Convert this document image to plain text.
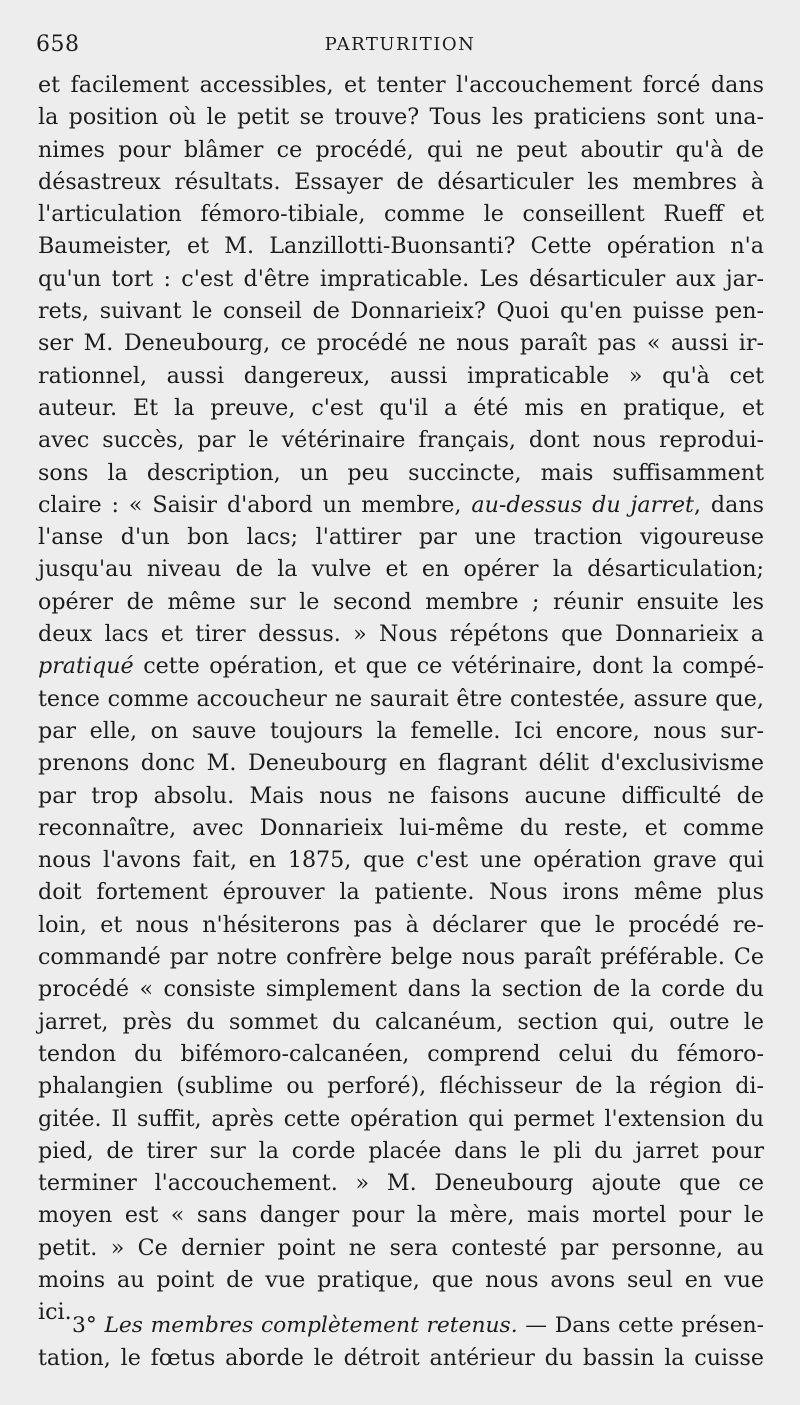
658	PARTURITION
et facilement accessibles, et tenter l'accouchement forcé dans
la position où le petit se trouve? Tous les praticiens sont una-
nimes pour blâmer ce procédé, qui ne peut aboutir qu'à de
désastreux résultats. Essayer de désarticuler les membres à
l'articulation fémoro-tibiale, comme le conseillent Rueff et
Baumeister, et M. Lanzillotti-Buonsanti? Cette opération n'a
qu'un tort : c'est d'être impraticable. Les désarticuler aux jar-
rets, suivant le conseil de Donnarieix? Quoi qu'en puisse pen-
ser M. Deneubourg, ce procédé ne nous paraît pas « aussi ir-
rationnel, aussi dangereux, aussi impraticable » qu'à cet
auteur. Et la preuve, c'est qu'il a été mis en pratique, et
avec succès, par le vétérinaire français, dont nous reprodui-
sons la description, un peu succincte, mais suffisamment
claire : « Saisir d'abord un membre, au-dessus du jarret, dans
l'anse d'un bon lacs; l'attirer par une traction vigoureuse
jusqu'au niveau de la vulve et en opérer la désarticulation;
opérer de même sur le second membre ; réunir ensuite les
deux lacs et tirer dessus. » Nous répétons que Donnarieix a
pratiqué cette opération, et que ce vétérinaire, dont la compé-
tence comme accoucheur ne saurait être contestée, assure que,
par elle, on sauve toujours la femelle. Ici encore, nous sur-
prenons donc M. Deneubourg en flagrant délit d'exclusivisme
par trop absolu. Mais nous ne faisons aucune difficulté de
reconnaître, avec Donnarieix lui-même du reste, et comme
nous l'avons fait, en 1875, que c'est une opération grave qui
doit fortement éprouver la patiente. Nous irons même plus
loin, et nous n'hésiterons pas à déclarer que le procédé re-
commandé par notre confrère belge nous paraît préférable. Ce
procédé « consiste simplement dans la section de la corde du
jarret, près du sommet du calcanéum, section qui, outre le
tendon du bifémoro-calcanéen, comprend celui du fémoro-
phalangien (sublime ou perforé), fléchisseur de la région di-
gitée. Il suffit, après cette opération qui permet l'extension du
pied, de tirer sur la corde placée dans le pli du jarret pour
terminer l'accouchement. » M. Deneubourg ajoute que ce
moyen est « sans danger pour la mère, mais mortel pour le
petit. » Ce dernier point ne sera contesté par personne, au
moins au point de vue pratique, que nous avons seul en vue
ici.
3° Les membres complètement retenus. — Dans cette présen-
tation, le fœtus aborde le détroit antérieur du bassin la cuisse
